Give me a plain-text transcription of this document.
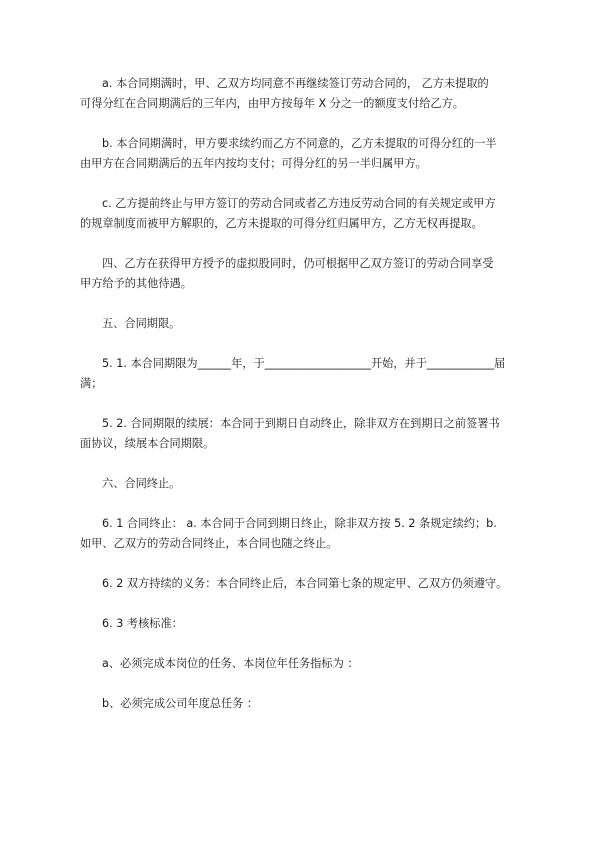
a. 本合同期满时，甲、乙双方均同意不再继续签订劳动合同的， 乙方未提取的
可得分红在合同期满后的三年内，由甲方按每年 X 分之一的额度支付给乙方。
b. 本合同期满时，甲方要求续约而乙方不同意的，乙方未提取的可得分红的一半
由甲方在合同期满后的五年内按均支付；可得分红的另一半归属甲方。
c. 乙方提前终止与甲方签订的劳动合同或者乙方违反劳动合同的有关规定或甲方
的规章制度而被甲方解职的，乙方未提取的可得分红归属甲方，乙方无权再提取。
四、乙方在获得甲方授予的虚拟股同时，仍可根据甲乙双方签订的劳动合同享受
甲方给予的其他待遇。
五、合同期限。
5. 1. 本合同期限为______年，于___________________开始，并于____________届
满；
5. 2. 合同期限的续展：本合同于到期日自动终止，除非双方在到期日之前签署书
面协议，续展本合同期限。
六、合同终止。
6. 1 合同终止： a. 本合同于合同到期日终止，除非双方按 5. 2 条规定续约；b.
如甲、乙双方的劳动合同终止，本合同也随之终止。
6. 2 双方持续的义务：本合同终止后，本合同第七条的规定甲、乙双方仍须遵守。
6. 3 考核标准：
a、必须完成本岗位的任务、本岗位年任务指标为 ：
b、必须完成公司年度总任务 ：
